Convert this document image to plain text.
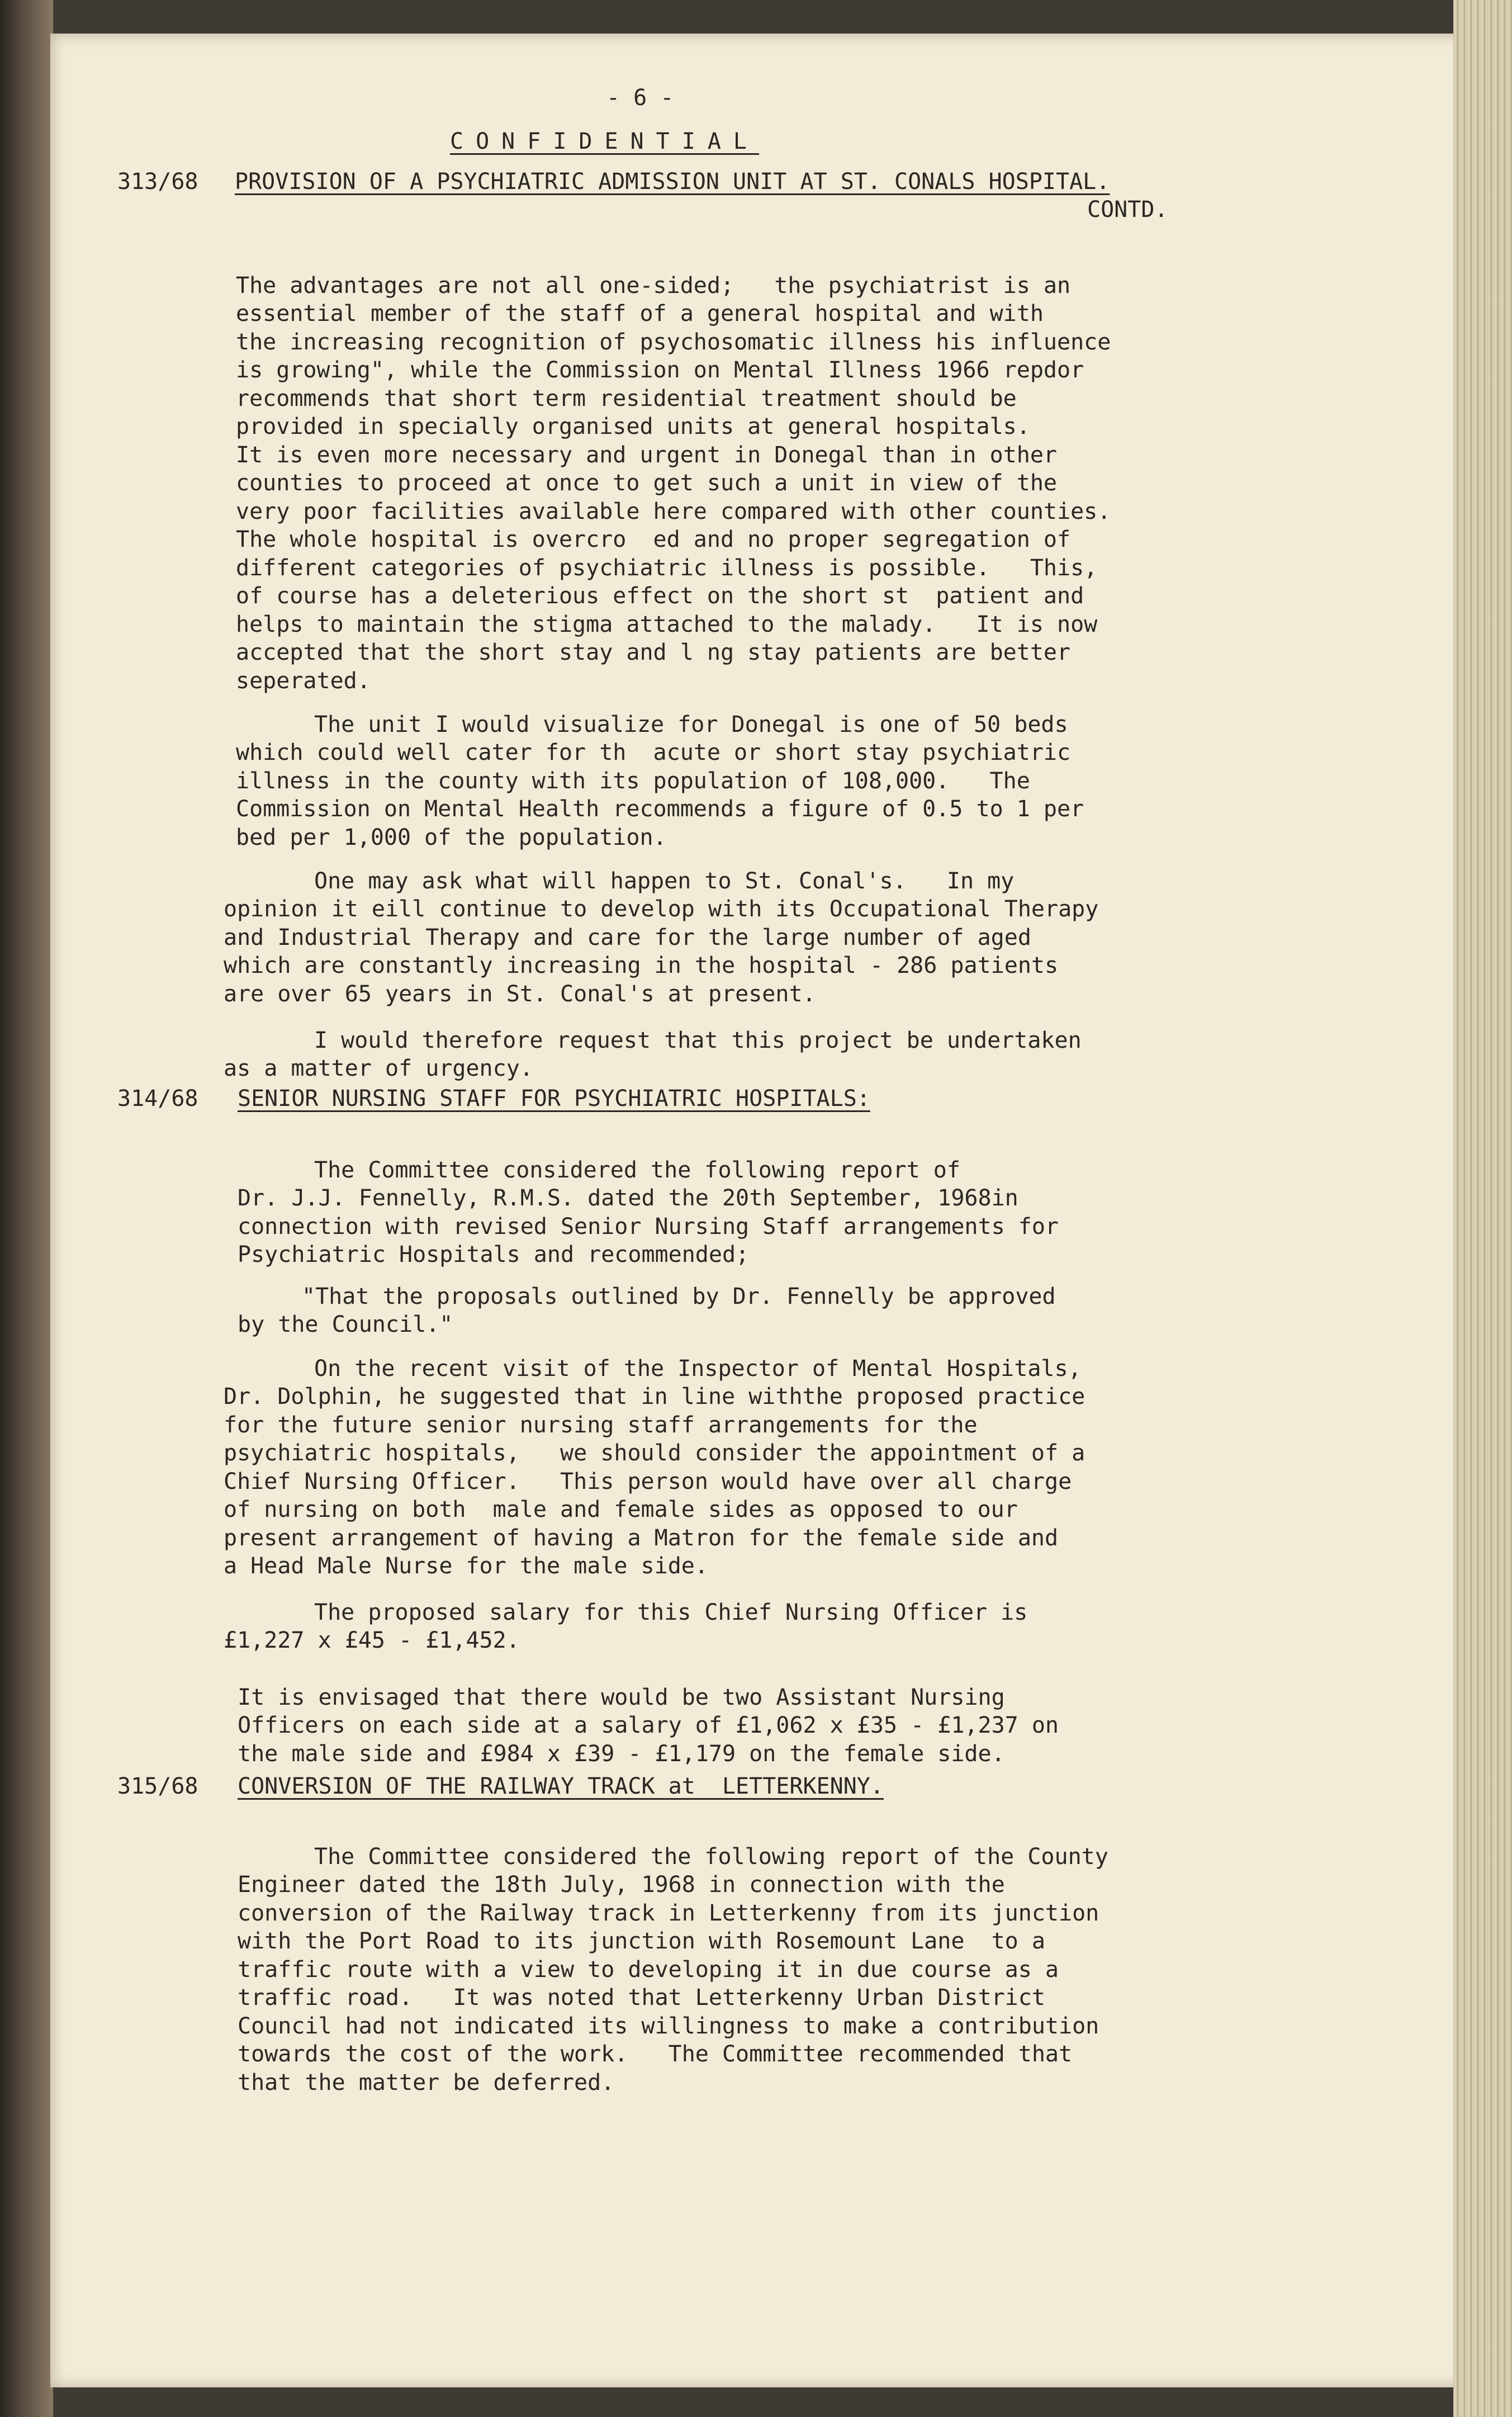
- 6 -
CONFIDENTIAL
313/68 PROVISION OF A PSYCHIATRIC ADMISSION UNIT AT ST. CONALS HOSPITAL.
CONTD.

The advantages are not all one-sided;   the psychiatrist is an
essential member of the staff of a general hospital and with
the increasing recognition of psychosomatic illness his influence
is growing", while the Commission on Mental Illness 1966 repdor
recommends that short term residential treatment should be
provided in specially organised units at general hospitals.
It is even more necessary and urgent in Donegal than in other
counties to proceed at once to get such a unit in view of the
very poor facilities available here compared with other counties.
The whole hospital is overcro  ed and no proper segregation of
different categories of psychiatric illness is possible.   This,
of course has a deleterious effect on the short st  patient and
helps to maintain the stigma attached to the malady.   It is now
accepted that the short stay and l ng stay patients are better
seperated.

The unit I would visualize for Donegal is one of 50 beds
which could well cater for th  acute or short stay psychiatric
illness in the county with its population of 108,000.   The
Commission on Mental Health recommends a figure of 0.5 to 1 per
bed per 1,000 of the population.

One may ask what will happen to St. Conal's.   In my
opinion it eill continue to develop with its Occupational Therapy
and Industrial Therapy and care for the large number of aged
which are constantly increasing in the hospital - 286 patients
are over 65 years in St. Conal's at present.

I would therefore request that this project be undertaken
as a matter of urgency.

314/68 SENIOR NURSING STAFF FOR PSYCHIATRIC HOSPITALS:

The Committee considered the following report of
Dr. J.J. Fennelly, R.M.S. dated the 20th September, 1968in
connection with revised Senior Nursing Staff arrangements for
Psychiatric Hospitals and recommended;

"That the proposals outlined by Dr. Fennelly be approved
by the Council."

On the recent visit of the Inspector of Mental Hospitals,
Dr. Dolphin, he suggested that in line withthe proposed practice
for the future senior nursing staff arrangements for the
psychiatric hospitals,   we should consider the appointment of a
Chief Nursing Officer.   This person would have over all charge
of nursing on both  male and female sides as opposed to our
present arrangement of having a Matron for the female side and
a Head Male Nurse for the male side.

The proposed salary for this Chief Nursing Officer is
£1,227 x £45 - £1,452.

It is envisaged that there would be two Assistant Nursing
Officers on each side at a salary of £1,062 x £35 - £1,237 on
the male side and £984 x £39 - £1,179 on the female side.

315/68 CONVERSION OF THE RAILWAY TRACK at  LETTERKENNY.

The Committee considered the following report of the County
Engineer dated the 18th July, 1968 in connection with the
conversion of the Railway track in Letterkenny from its junction
with the Port Road to its junction with Rosemount Lane  to a
traffic route with a view to developing it in due course as a
traffic road.   It was noted that Letterkenny Urban District
Council had not indicated its willingness to make a contribution
towards the cost of the work.   The Committee recommended that
that the matter be deferred.
